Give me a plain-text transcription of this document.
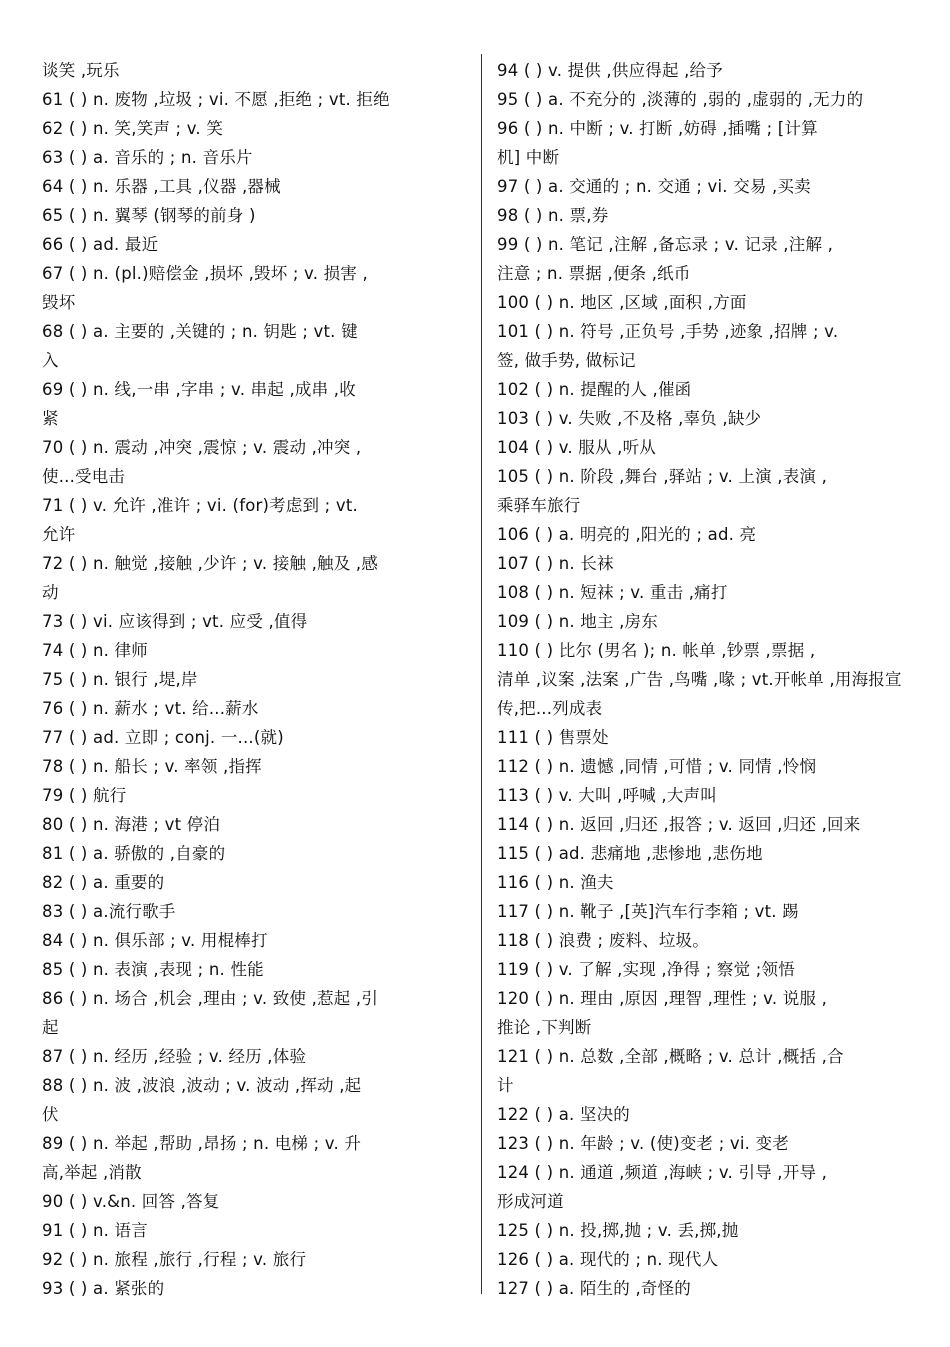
谈笑 ,玩乐
61 ( ) n. 废物 ,垃圾 ; vi. 不愿 ,拒绝 ; vt. 拒绝
62 ( ) n. 笑,笑声 ; v. 笑
63 ( ) a. 音乐的 ; n. 音乐片
64 ( ) n. 乐器 ,工具 ,仪器 ,器械
65 ( ) n. 翼琴 (钢琴的前身 )
66 ( ) ad. 最近
67 ( ) n. (pl.)赔偿金 ,损坏 ,毁坏 ; v. 损害 ,
毁坏
68 ( ) a. 主要的 ,关键的 ; n. 钥匙 ; vt. 键
入
69 ( ) n. 线,一串 ,字串 ; v. 串起 ,成串 ,收
紧
70 ( ) n. 震动 ,冲突 ,震惊 ; v. 震动 ,冲突 ,
使...受电击
71 ( ) v. 允许 ,准许 ; vi. (for)考虑到 ; vt.
允许
72 ( ) n. 触觉 ,接触 ,少许 ; v. 接触 ,触及 ,感
动
73 ( ) vi. 应该得到 ; vt. 应受 ,值得
74 ( ) n. 律师
75 ( ) n. 银行 ,堤,岸
76 ( ) n. 薪水 ; vt. 给...薪水
77 ( ) ad. 立即 ; conj. 一...(就)
78 ( ) n. 船长 ; v. 率领 ,指挥
79 ( ) 航行
80 ( ) n. 海港 ; vt 停泊
81 ( ) a. 骄傲的 ,自豪的
82 ( ) a. 重要的
83 ( ) a.流行歌手
84 ( ) n. 俱乐部 ; v. 用棍棒打
85 ( ) n. 表演 ,表现 ; n. 性能
86 ( ) n. 场合 ,机会 ,理由 ; v. 致使 ,惹起 ,引
起
87 ( ) n. 经历 ,经验 ; v. 经历 ,体验
88 ( ) n. 波 ,波浪 ,波动 ; v. 波动 ,挥动 ,起
伏
89 ( ) n. 举起 ,帮助 ,昂扬 ; n. 电梯 ; v. 升
高,举起 ,消散
90 ( ) v.&n. 回答 ,答复
91 ( ) n. 语言
92 ( ) n. 旅程 ,旅行 ,行程 ; v. 旅行
93 ( ) a. 紧张的
94 ( ) v. 提供 ,供应得起 ,给予
95 ( ) a. 不充分的 ,淡薄的 ,弱的 ,虚弱的 ,无力的
96 ( ) n. 中断 ; v. 打断 ,妨碍 ,插嘴 ; [计算
机] 中断
97 ( ) a. 交通的 ; n. 交通 ; vi. 交易 ,买卖
98 ( ) n. 票,券
99 ( ) n. 笔记 ,注解 ,备忘录 ; v. 记录 ,注解 ,
注意 ; n. 票据 ,便条 ,纸币
100 ( ) n. 地区 ,区域 ,面积 ,方面
101 ( ) n. 符号 ,正负号 ,手势 ,迹象 ,招牌 ; v.
签, 做手势, 做标记
102 ( ) n. 提醒的人 ,催函
103 ( ) v. 失败 ,不及格 ,辜负 ,缺少
104 ( ) v. 服从 ,听从
105 ( ) n. 阶段 ,舞台 ,驿站 ; v. 上演 ,表演 ,
乘驿车旅行
106 ( ) a. 明亮的 ,阳光的 ; ad. 亮
107 ( ) n. 长袜
108 ( ) n. 短袜 ; v. 重击 ,痛打
109 ( ) n. 地主 ,房东
110 ( ) 比尔 (男名 ); n. 帐单 ,钞票 ,票据 ,
清单 ,议案 ,法案 ,广告 ,鸟嘴 ,喙 ; vt.开帐单 ,用海报宣
传,把...列成表
111 ( ) 售票处
112 ( ) n. 遗憾 ,同情 ,可惜 ; v. 同情 ,怜悯
113 ( ) v. 大叫 ,呼喊 ,大声叫
114 ( ) n. 返回 ,归还 ,报答 ; v. 返回 ,归还 ,回来
115 ( ) ad. 悲痛地 ,悲惨地 ,悲伤地
116 ( ) n. 渔夫
117 ( ) n. 靴子 ,[英]汽车行李箱 ; vt. 踢
118 ( ) 浪费 ; 废料、垃圾。
119 ( ) v. 了解 ,实现 ,净得 ; 察觉 ;领悟
120 ( ) n. 理由 ,原因 ,理智 ,理性 ; v. 说服 ,
推论 ,下判断
121 ( ) n. 总数 ,全部 ,概略 ; v. 总计 ,概括 ,合
计
122 ( ) a. 坚决的
123 ( ) n. 年龄 ; v. (使)变老 ; vi. 变老
124 ( ) n. 通道 ,频道 ,海峡 ; v. 引导 ,开导 ,
形成河道
125 ( ) n. 投,掷,抛 ; v. 丢,掷,抛
126 ( ) a. 现代的 ; n. 现代人
127 ( ) a. 陌生的 ,奇怪的
